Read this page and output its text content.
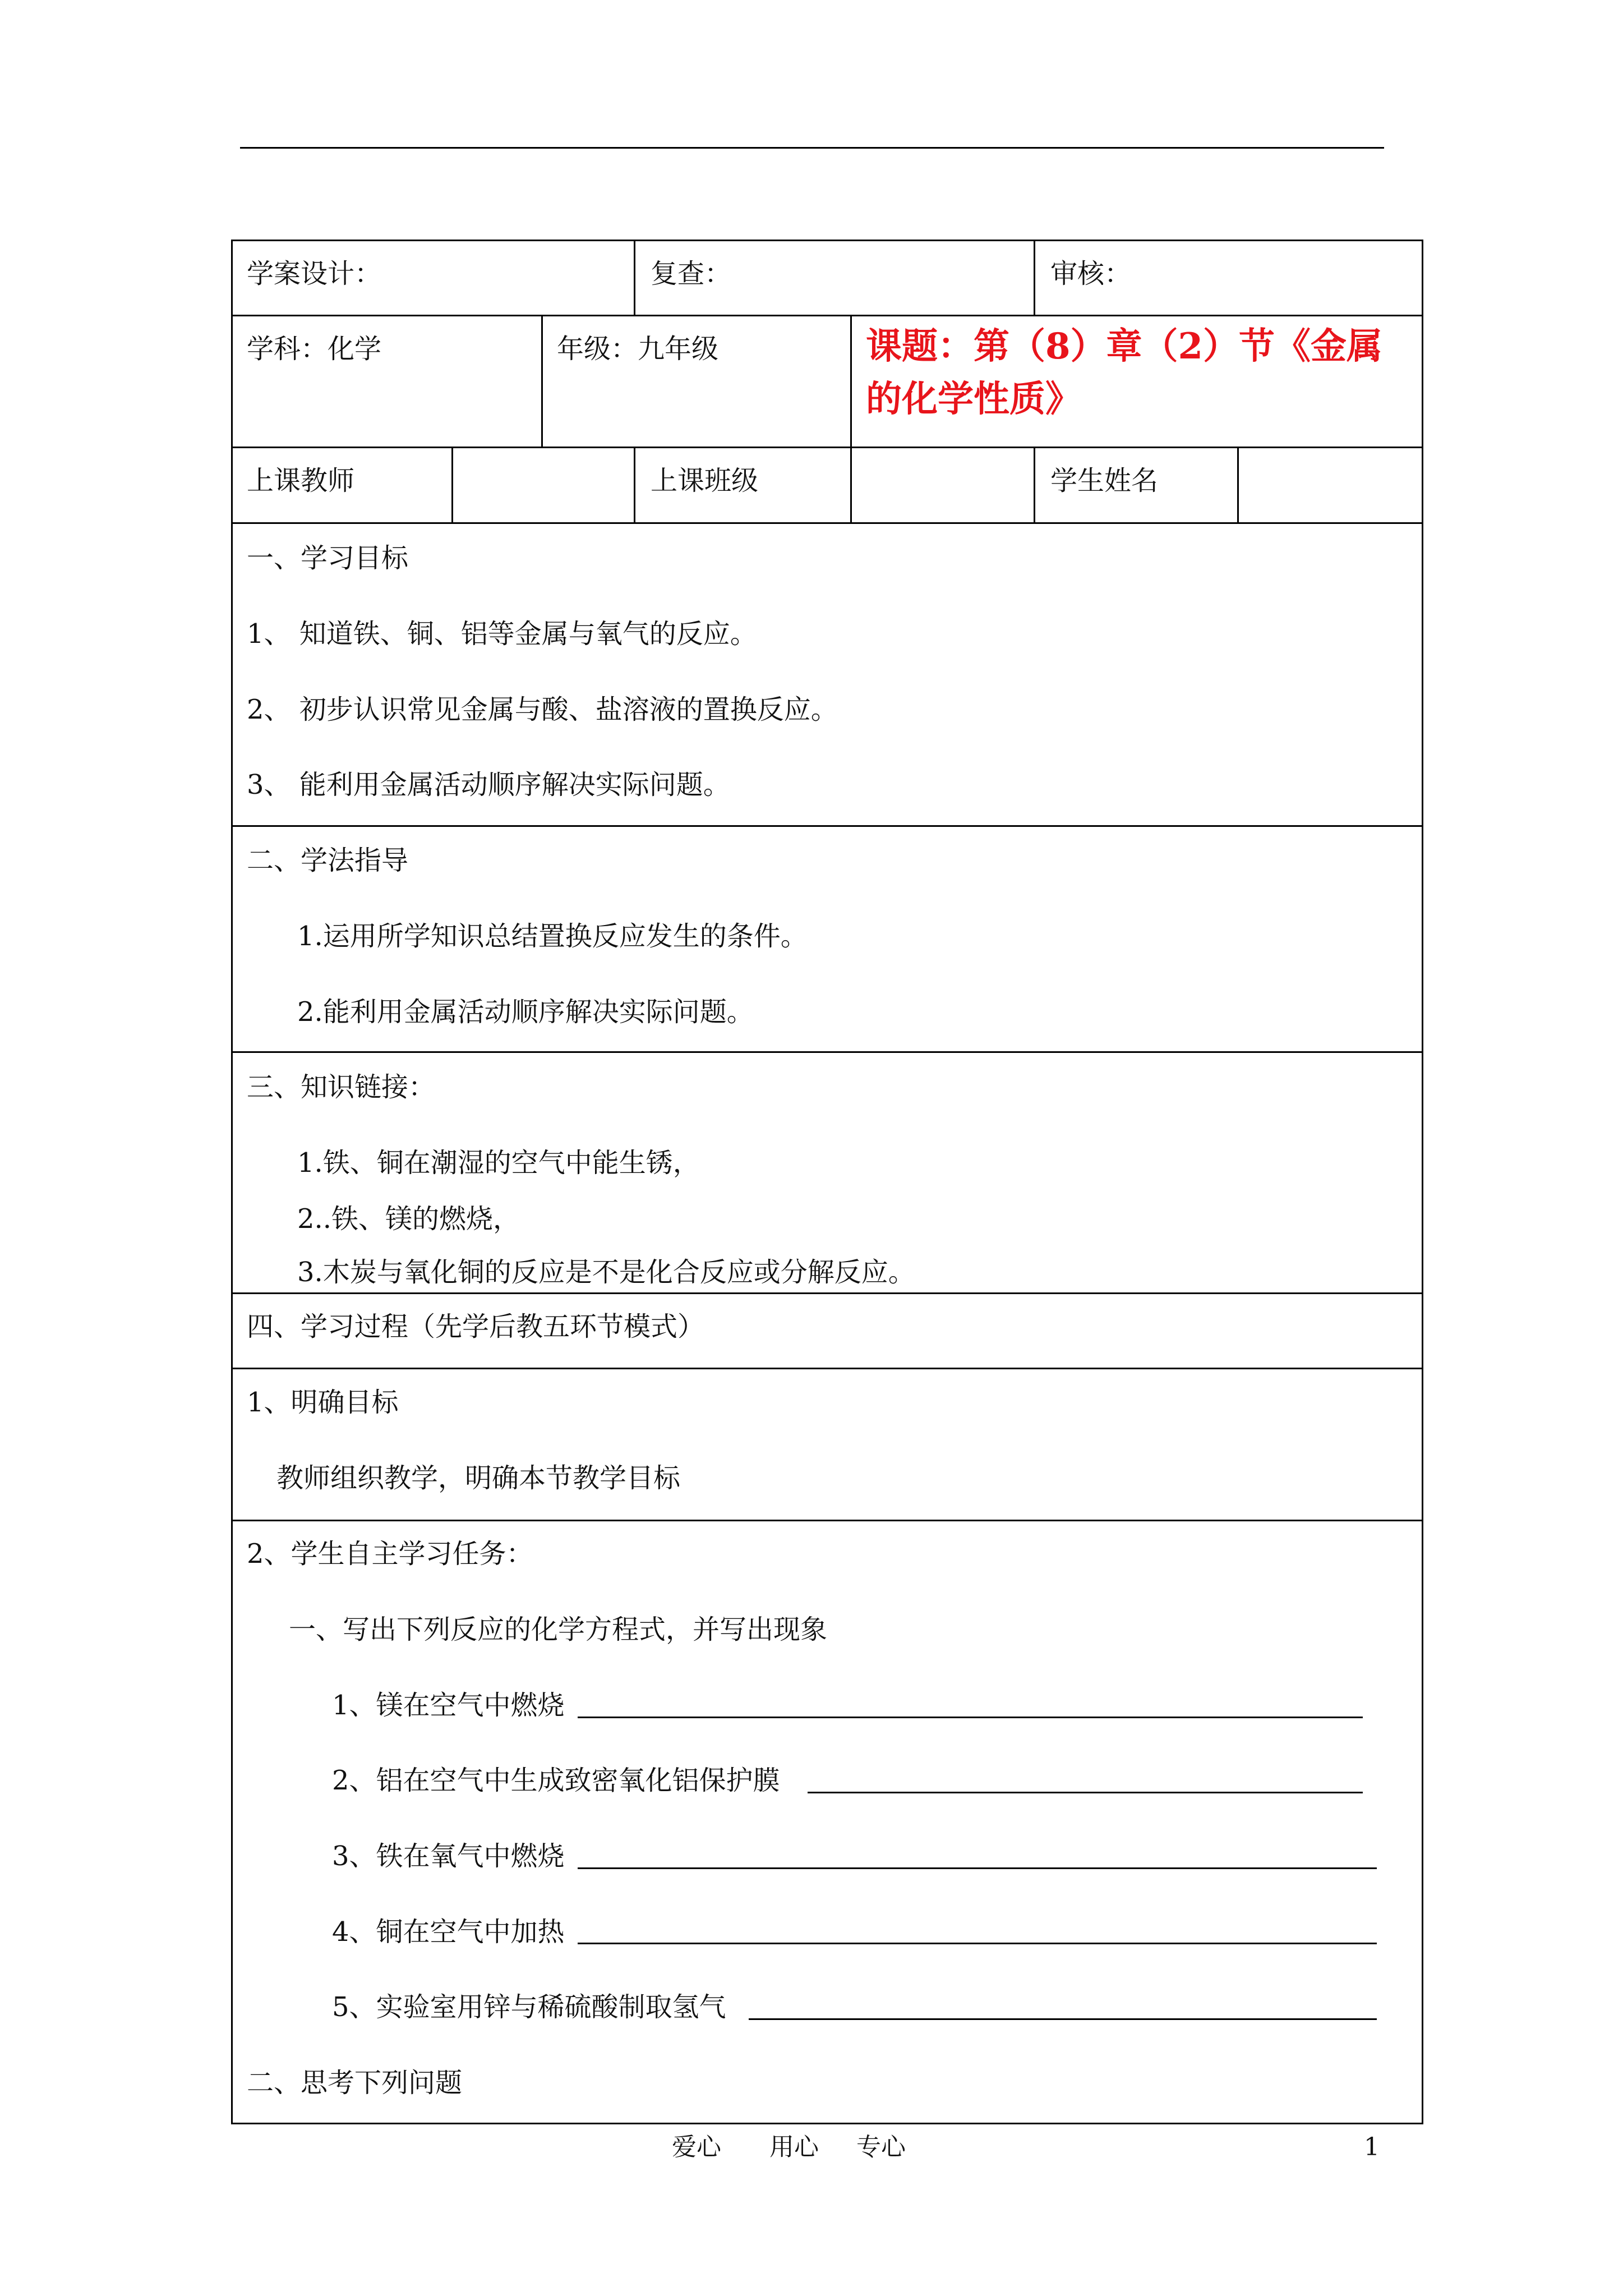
学案设计：	复查：	审核：
学科：化学	年级：九年级	课题：第（8）章（2）节《金属
的化学性质》
上课教师	上课班级	学生姓名
一、学习目标
1、 知道铁、铜、铝等金属与氧气的反应。
2、 初步认识常见金属与酸、盐溶液的置换反应。
3、 能利用金属活动顺序解决实际问题。
二、学法指导
1.运用所学知识总结置换反应发生的条件。
2.能利用金属活动顺序解决实际问题。
三、知识链接：
1.铁、铜在潮湿的空气中能生锈，
2..铁、镁的燃烧，
3.木炭与氧化铜的反应是不是化合反应或分解反应。
四、学习过程（先学后教五环节模式）
1、明确目标
教师组织教学，明确本节教学目标
2、学生自主学习任务：
一、写出下列反应的化学方程式，并写出现象
1、镁在空气中燃烧
2、铝在空气中生成致密氧化铝保护膜
3、铁在氧气中燃烧
4、铜在空气中加热
5、实验室用锌与稀硫酸制取氢气
二、思考下列问题
爱心 用心 专心	1
